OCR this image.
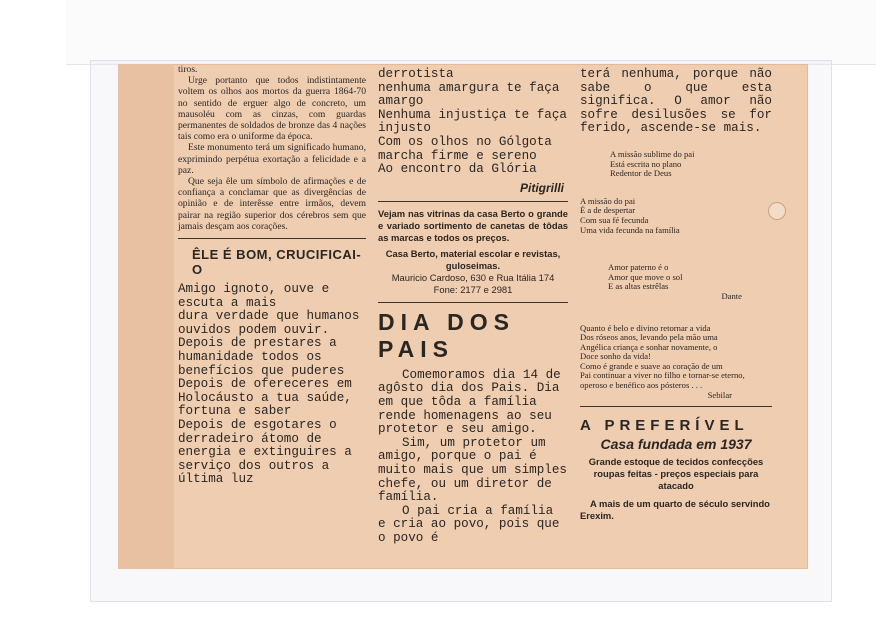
tiros.

Urge portanto que todos indistintamente voltem os olhos aos mortos da guerra 1864-70 no sentido de erguer algo de concreto, um mausoléu com as cinzas, com guardas permanentes de soldados de bronze das 4 nações tais como era o uniforme da época.

Este monumento terá um significado humano, exprimindo perpétua exortação a felicidade e a paz.

Que seja êle um símbolo de afirmações e de confiança a conclamar que as divergências de opinião e de interêsse entre irmãos, devem pairar na região superior dos cérebros sem que jamais desçam aos corações.

ÊLE É BOM, CRUCIFICAI-O

Amigo ignoto, ouve e escuta a mais

dura verdade que humanos ouvidos podem ouvir.

Depois de prestares a humanidade todos os benefícios que puderes

Depois de ofereceres em Holocáusto a tua saúde, fortuna e saber

Depois de esgotares o derradeiro átomo de

energia e extinguires a serviço dos outros a última luz

derrotista

nenhuma amargura te faça amargo

Nenhuma injustiça te faça injusto

Com os olhos no Gólgota

marcha firme e sereno

Ao encontro da Glória

Pitigrilli

Vejam nas vitrinas da casa Berto o grande e variado sortimento de canetas de tôdas as marcas e todos os preços.

Casa Berto, material escolar e revistas, guloseimas.

Mauricio Cardoso, 630 e Rua Itália 174

Fone: 2177 e 2981

DIA DOS PAIS

Comemoramos dia 14 de agôsto dia dos Pais. Dia em que tôda a família rende homenagens ao seu protetor e seu amigo.

Sim, um protetor um amigo, porque o pai é muito mais que um simples chefe, ou um diretor de família.

O pai cria a família e cria ao povo, pois que o povo é

terá nenhuma, porque não sabe o que esta significa. O amor não sofre desilusões se for ferido, ascende-se mais.

A missão sublime do pai
Está escrita no plano
Redentor de Deus
A missão do pai
É a de despertar
Com sua fé fecunda
Uma vida fecunda na família
Amor paterno é o
Amor que move o sol
E as altas estrêlas
Dante
Quanto é belo e divino retornar a vida
Dos róseos anos, levando pela mão uma
Angélica criança e sonhar novamente, o
Doce sonho da vida!
Como é grande e suave ao coração de um
Pai continuar a viver no filho e tornar-se eterno, operoso e benéfico aos pósteros . . .
Sebilar
A PREFERÍVEL
Casa fundada em 1937

Grande estoque de tecidos confecções roupas feitas - preços especiais para atacado

A mais de um quarto de século servindo Erexim.
